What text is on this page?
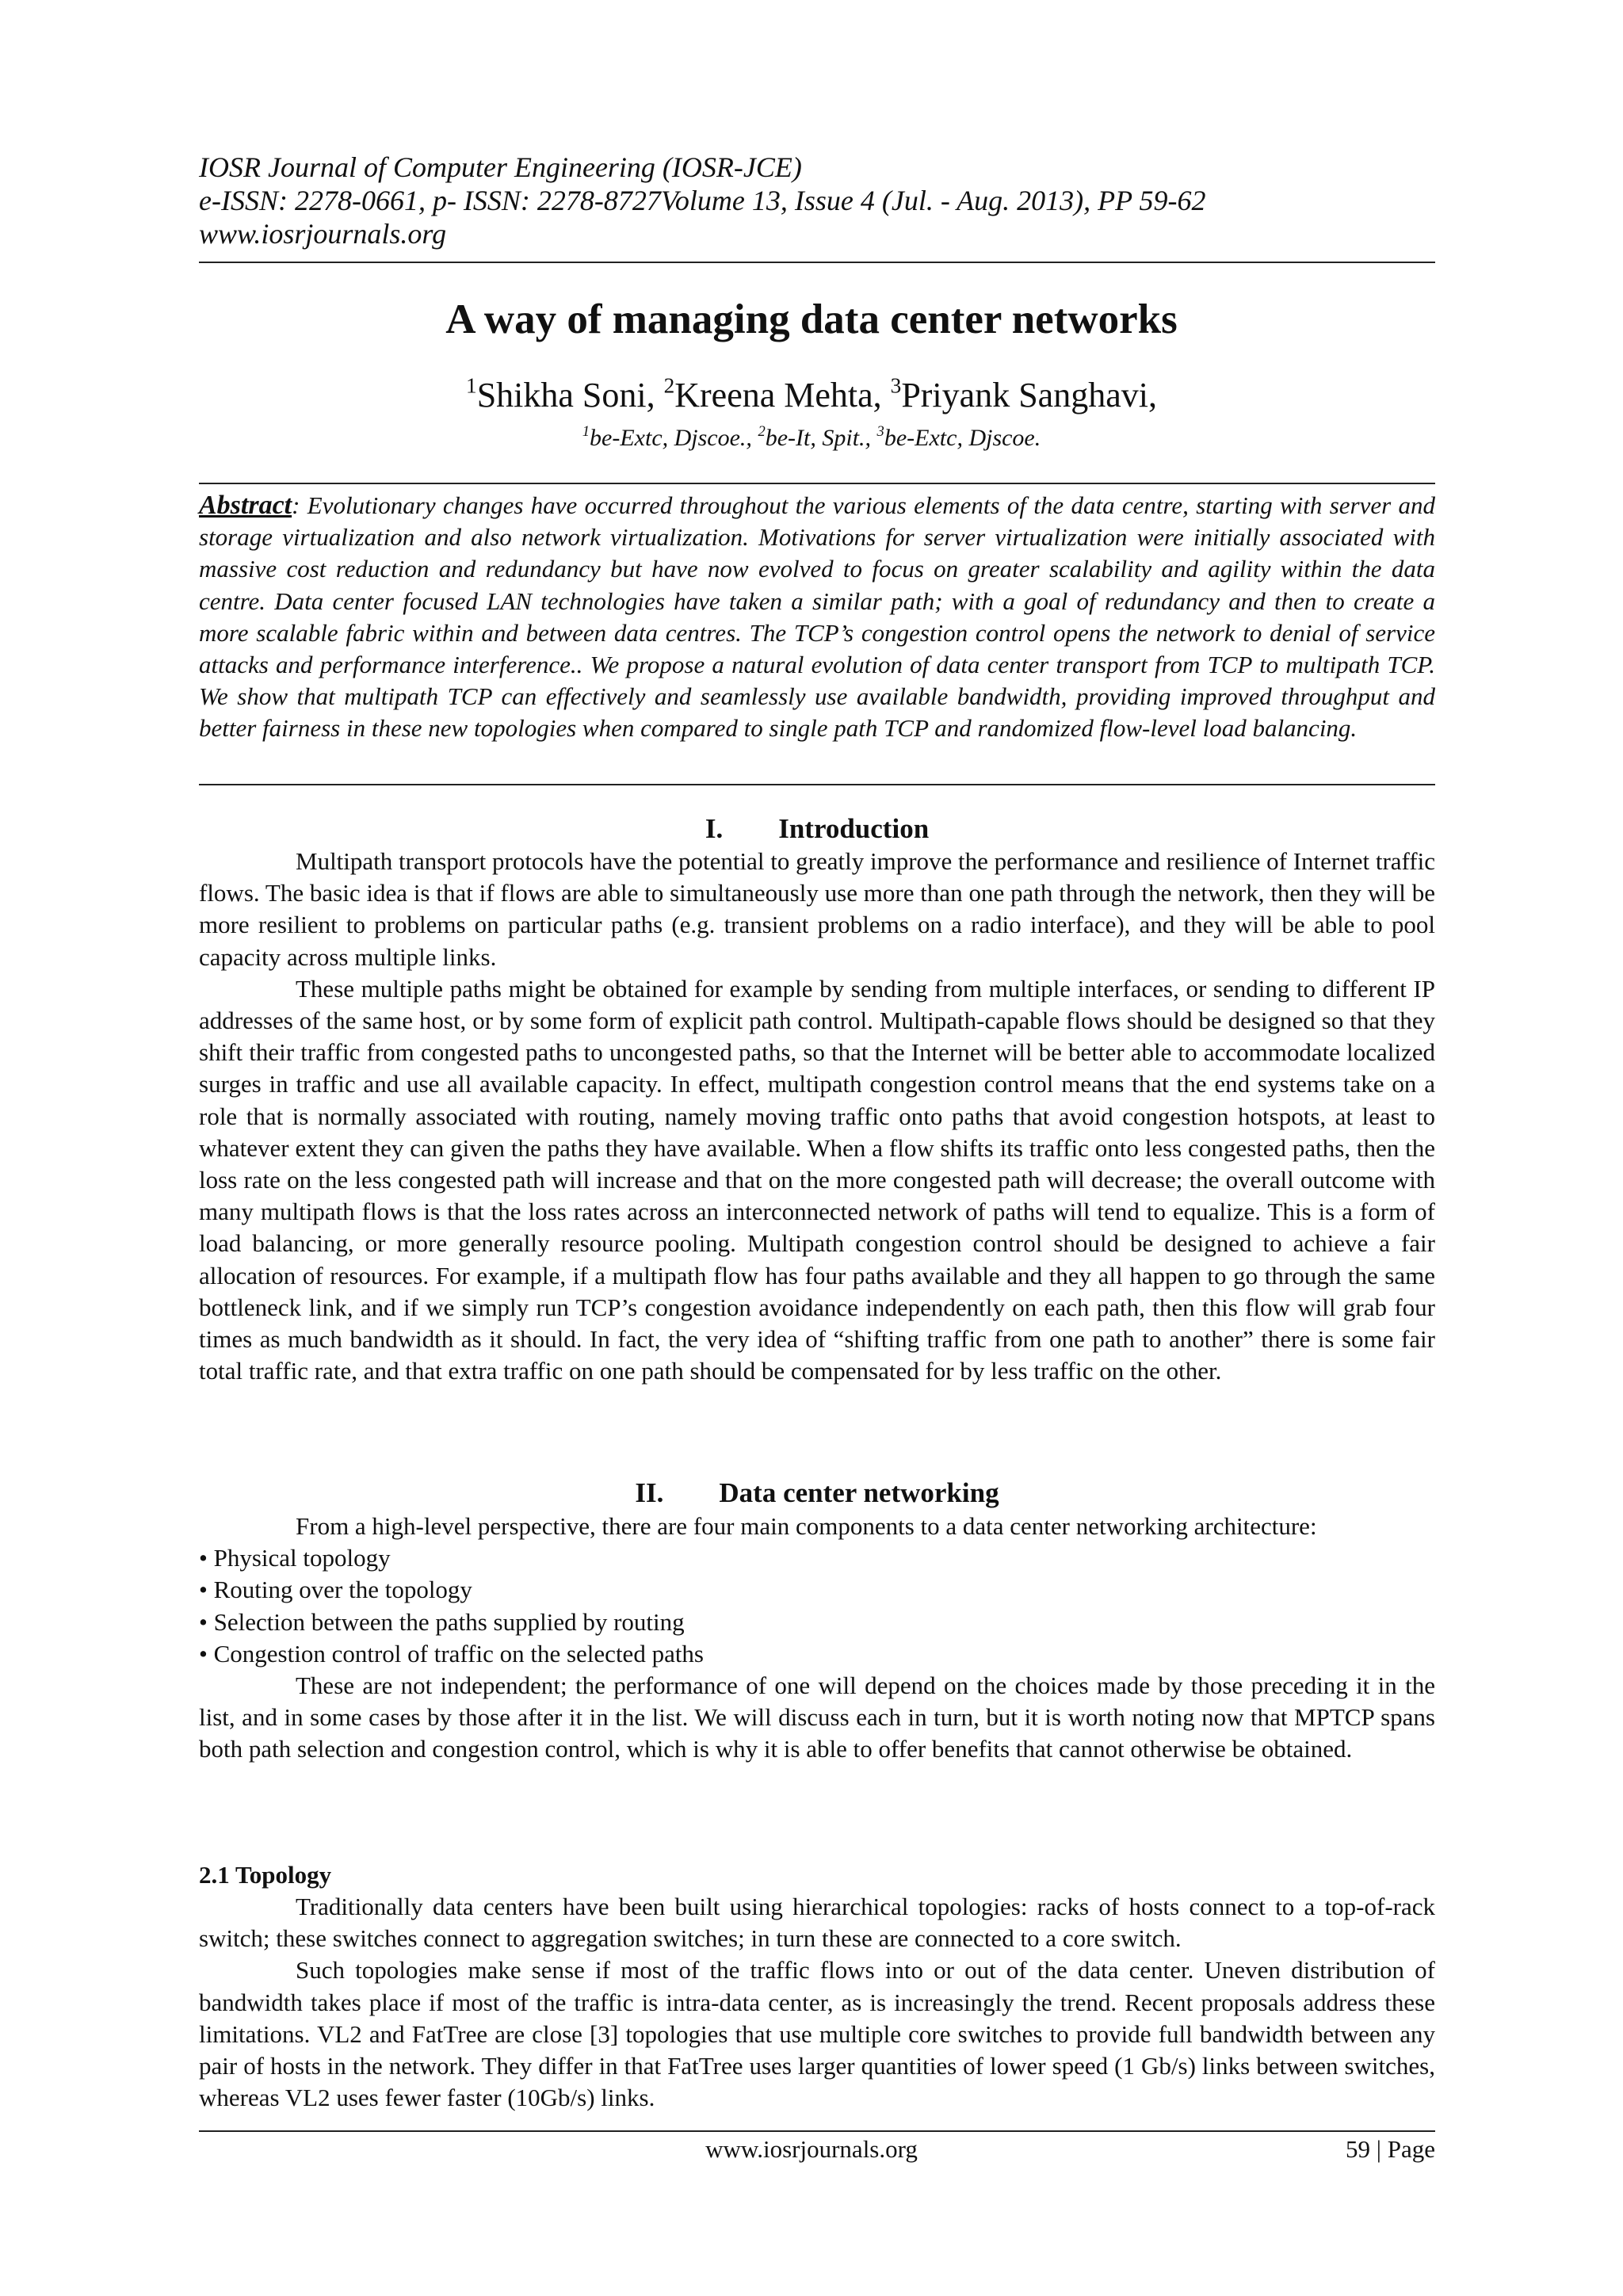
IOSR Journal of Computer Engineering (IOSR-JCE)
e-ISSN: 2278-0661, p- ISSN: 2278-8727Volume 13, Issue 4 (Jul. - Aug. 2013), PP 59-62
www.iosrjournals.org
A way of managing data center networks
$^1$Shikha Soni, $^2$Kreena Mehta, $^3$Priyank Sanghavi,
$^1$be-Extc, Djscoe., $^2$be-It, Spit., $^3$be-Extc, Djscoe.
Abstract: Evolutionary changes have occurred throughout the various elements of the data centre, starting with server and storage virtualization and also network virtualization. Motivations for server virtualization were initially associated with massive cost reduction and redundancy but have now evolved to focus on greater scalability and agility within the data centre. Data center focused LAN technologies have taken a similar path; with a goal of redundancy and then to create a more scalable fabric within and between data centres. The TCP’s congestion control opens the network to denial of service attacks and performance interference.. We propose a natural evolution of data center transport from TCP to multipath TCP. We show that multipath TCP can effectively and seamlessly use available bandwidth, providing improved throughput and better fairness in these new topologies when compared to single path TCP and randomized flow-level load balancing.
I. Introduction

Multipath transport protocols have the potential to greatly improve the performance and resilience of Internet traffic flows. The basic idea is that if flows are able to simultaneously use more than one path through the network, then they will be more resilient to problems on particular paths (e.g. transient problems on a radio interface), and they will be able to pool capacity across multiple links.

These multiple paths might be obtained for example by sending from multiple interfaces, or sending to different IP addresses of the same host, or by some form of explicit path control. Multipath-capable flows should be designed so that they shift their traffic from congested paths to uncongested paths, so that the Internet will be better able to accommodate localized surges in traffic and use all available capacity. In effect, multipath congestion control means that the end systems take on a role that is normally associated with routing, namely moving traffic onto paths that avoid congestion hotspots, at least to whatever extent they can given the paths they have available. When a flow shifts its traffic onto less congested paths, then the loss rate on the less congested path will increase and that on the more congested path will decrease; the overall outcome with many multipath flows is that the loss rates across an interconnected network of paths will tend to equalize. This is a form of load balancing, or more generally resource pooling. Multipath congestion control should be designed to achieve a fair allocation of resources. For example, if a multipath flow has four paths available and they all happen to go through the same bottleneck link, and if we simply run TCP’s congestion avoidance independently on each path, then this flow will grab four times as much bandwidth as it should. In fact, the very idea of “shifting traffic from one path to another” there is some fair total traffic rate, and that extra traffic on one path should be compensated for by less traffic on the other.

II. Data center networking

From a high-level perspective, there are four main components to a data center networking architecture:

• Physical topology
• Routing over the topology
• Selection between the paths supplied by routing
• Congestion control of traffic on the selected paths

These are not independent; the performance of one will depend on the choices made by those preceding it in the list, and in some cases by those after it in the list. We will discuss each in turn, but it is worth noting now that MPTCP spans both path selection and congestion control, which is why it is able to offer benefits that cannot otherwise be obtained.

2.1 Topology

Traditionally data centers have been built using hierarchical topologies: racks of hosts connect to a top-of-rack switch; these switches connect to aggregation switches; in turn these are connected to a core switch.

Such topologies make sense if most of the traffic flows into or out of the data center. Uneven distribution of bandwidth takes place if most of the traffic is intra-data center, as is increasingly the trend. Recent proposals address these limitations. VL2 and FatTree are close [3] topologies that use multiple core switches to provide full bandwidth between any pair of hosts in the network. They differ in that FatTree uses larger quantities of lower speed (1 Gb/s) links between switches, whereas VL2 uses fewer faster (10Gb/s) links.

www.iosrjournals.org	59 | Page
